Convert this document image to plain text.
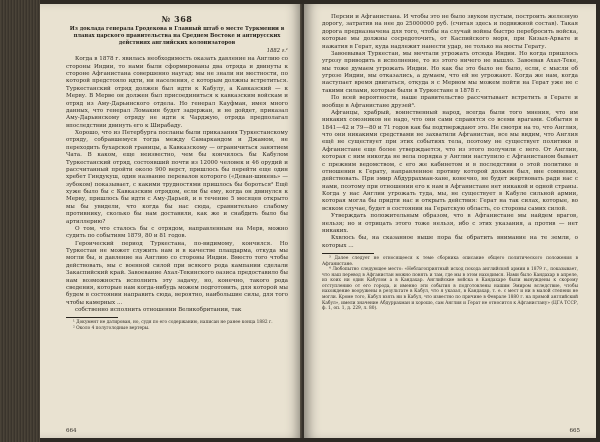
№ 368
Из доклада генерала Гродекова в Главный штаб о месте Туркмении в планах царского правительства на Среднем Востоке и антирусских действиях английских колонизаторов
1882 г.¹

Когда в 1878 г. явилась необходимость оказать давление на Англию со стороны Индии, то нами были сформированы два отряда и двинуты к стороне Афганистана совершенно наугад: мы не знали ни местности, по которой предстояло идти, ни населения, с которым должны встретиться. Туркестанский отряд должен был идти к Кабулу, а Кавказский — к Мерву. В Мерве он должен был присоединиться к кавказским войскам и отряд из Аму-Дарьинского отдела. Но генерал Кауфман, имея много данных, что генерал Ломакин будет задержан, и не дойдет, приказал Аму-Дарьинскому отряду не идти к Чарджую, отряда предполагал впоследствии двинуть его к Ширабаду.

Хорошо, что из Петербурга посланы были приказания Туркестанскому отряду, собравшемуся тогда между Самаркандом и Джамом, не переходить бухарской границы, а Кавказскому — ограничиться занятием Чата. В каком, еще неизвестно, чем бы кончилось бы Кабулом Туркестанский отряд, состоявший почти из 12000 человек и 46 орудий и рассчитанный пройти около 900 верст, пришлось бы перейти еще один хребет Гиндукуш, один название перевалов которого («Деван-шикень» — зубоком) показывает, с какими трудностями пришлось бы бороться² Ещё хуже было бы с Кавказским отрядом, если бы ему, когда он двинулся к Мерву, пришлось бы идти с Аму-Дарьей, и в течение 5 месяцев открыто мы бы увидели, что когда бы нас сюда, сравнительно слабому противнику, сколько бы нам доставили, как же и снабдить было бы артиллерию?

О том, что сталось бы с отрядом, направленным на Мерв, можно судить по событиям 1879, 80 и 81 годов.

Героический период Туркестана, по-видимому, кончился. Но Туркестан не может служить нам и в качестве плацдарма, откуда мы могли бы, и давление на Англию со стороны Индии. Вместо того чтобы действовать, мы с военной силой при всякого рода кампании сделали Закаспийский край. Завоевание Ахал-Текинского оазиса предоставило бы нам возможность исполнить эту задачу, но, конечно, такого рода сведения, которые нам когда-нибудь можем подготовить, для которой мы будем в состоянии направить сюда, вероятно, наибольшие силы, для того чтобы камерных ...

собственно исполнить отношении Великобритании, так

¹ Документ не датирован, но, судя по его содержанию, написан не ранее конца 1882 г.

² Около 4 полуголодные вертеры.

664

Персии и Афганистана. И чтобы это не было звуком пустым, построить железную дорогу, затратив на нее до 25000000 руб. (считая здесь и подвижной состав). Такая дорога предназначена для того, чтобы на случай войны быстро перебросить войска, которые мы должны сосредоточить, от Каспийского моря, при Кизыл-Арвате и нажатия в Герат, куда надлежит нанести удар, не только на мосты Герату.

Завоевывая Туркестан, мы мечтали угрожать отсюда Индии. Но когда пришлось угрозу приводить в исполнение, то из этого ничего не вышло. Завоевав Ахал-Теке, мы тоже думаем угрожать Индии. Но как бы это было не было, если, с мысли об угрозе Индии, мы отказались, а думаем, что ей не угрожают. Когда же нам, когда наступает время двигаться, откуда я с Мервом мы можем пойти на Герат уже не с такими силами, которые были в Туркестане в 1878 г.

По всей вероятности, наше правительство рассчитывает встретить в Герате и вообще в Афганистане друзей³.

Афганцы, храбрый, воинственный народ, всегда были того мнения, что им никаких союзников не надо, что они сами справятся со всеми врагами. События в 1841—42 и 79—80 и 71 годов как бы подтверждают это. Не смотря на то, что Англия, что они никакими средствами не захватили Афганистан, все мы видим, что Англия ещё не существует при этих событиях тела, поэтому не существует политики в Афганистане еще более утверждается, что из этого получили с него. От Англии, которая с ним никогда не вела порядка у Англии наступило с Афганистаном бывает с прежним ведомством, с его же кабинетом и в последствии о этой политике в отношении к Герату, направленное противу которой должен был, вне сомнения, действовать. При эмир Абдуррахман-хане, конечно, не будет жертвовать ради нас с нами, поэтому при отношении его к нам в Афганистане нет никакой и одной страны. Когда у нас Англии угрожать туда, мы, не существует в Кабуле сильной армии, которая могла бы придти нас и открыть действия: Герат на так силах, которые, во всяком случае, будет в состоянии на Гератскую область, со стороны самих силой.

Утверждать положительным образом, что в Афганистане мы найдем врагов, нельзя; но и отрицать этого тоже нельзя, ибо с этих указания, а против — нет никаких.

Кхвлось бы, на сказанное выше пора бы обратить внимание на те земли, о которых ...

³ Далее следует не относящееся к теме сборника описание общего политического положения в Афганистане.

⁴ Любопытно следующее место: «Неблагоприятный исход похода английской армии в 1879 г., показывает, что наш перевод в Афганистан можно понять и там, где мы в этом находимся. Нами было Кандахар в апреле, из коих ни один Кабулом а в Кандахар. Английские войска в Кандахаре были вынуждены к скорому отступлению от его города, и именно эти события в подготовлены нашим Эмиром вследствие, чтобы нахождение вооружены в результате в Кабул, что я указал, в Кандахар, т. е. с мест и ни в малой степени не могли. Кроме того, Кабул взять ни в Кабул, что известно по причине в Феврале 1880 г. на прямой английский Кабул», имели значение Абдуррахман и хорошо, сам Англия и Герат не относится к Афганистану» (ЦГА ТССР, ф. 1, оп. 1, д. 229, л. 80).

665
